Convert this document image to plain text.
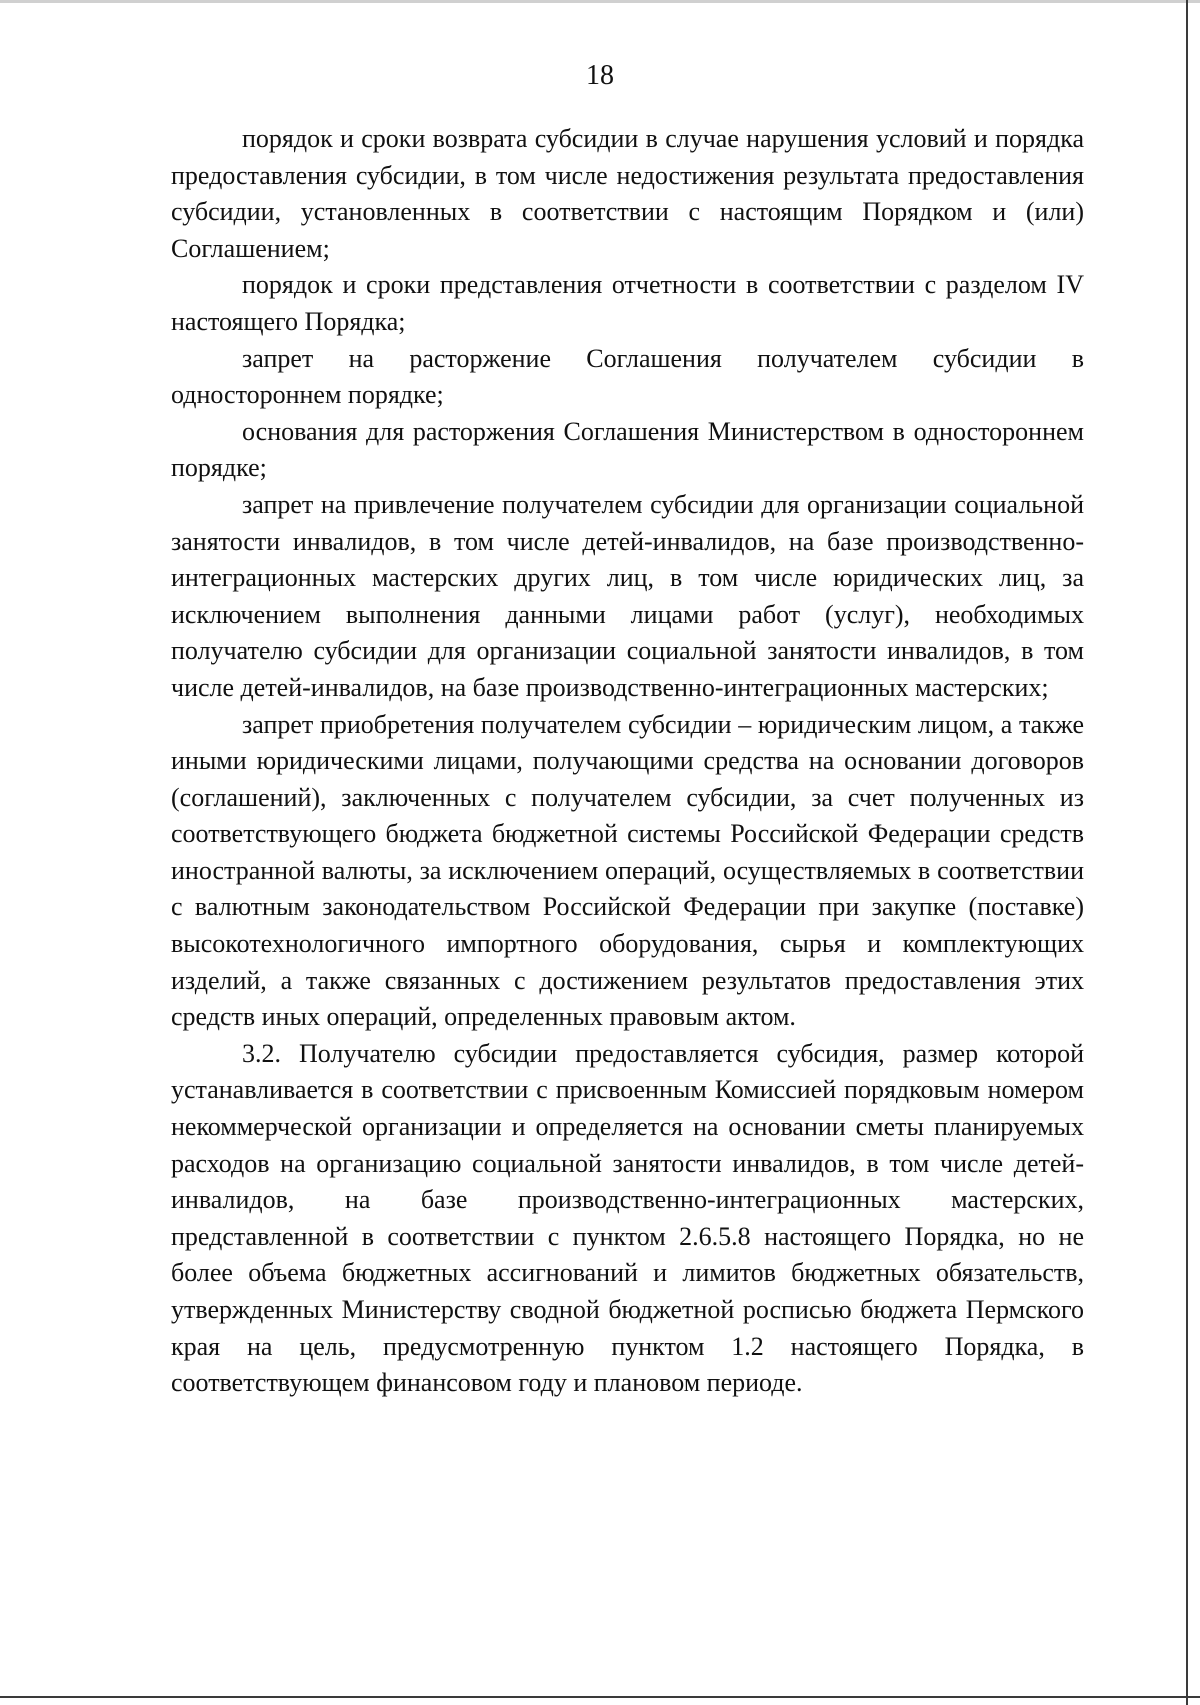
18

порядок и сроки возврата субсидии в случае нарушения условий и порядка предоставления субсидии, в том числе недостижения результата предоставления субсидии, установленных в соответствии с настоящим Порядком и (или) Соглашением;

порядок и сроки представления отчетности в соответствии с разделом IV настоящего Порядка;

запрет на расторжение Соглашения получателем субсидии в одностороннем порядке;

основания для расторжения Соглашения Министерством в одностороннем порядке;

запрет на привлечение получателем субсидии для организации социальной занятости инвалидов, в том числе детей-инвалидов, на базе производственно-интеграционных мастерских других лиц, в том числе юридических лиц, за исключением выполнения данными лицами работ (услуг), необходимых получателю субсидии для организации социальной занятости инвалидов, в том числе детей-инвалидов, на базе производственно-интеграционных мастерских;

запрет приобретения получателем субсидии – юридическим лицом, а также иными юридическими лицами, получающими средства на основании договоров (соглашений), заключенных с получателем субсидии, за счет полученных из соответствующего бюджета бюджетной системы Российской Федерации средств иностранной валюты, за исключением операций, осуществляемых в соответствии с валютным законодательством Российской Федерации при закупке (поставке) высокотехнологичного импортного оборудования, сырья и комплектующих изделий, а также связанных с достижением результатов предоставления этих средств иных операций, определенных правовым актом.

3.2. Получателю субсидии предоставляется субсидия, размер которой устанавливается в соответствии с присвоенным Комиссией порядковым номером некоммерческой организации и определяется на основании сметы планируемых расходов на организацию социальной занятости инвалидов, в том числе детей-инвалидов, на базе производственно-интеграционных мастерских, представленной в соответствии с пунктом 2.6.5.8 настоящего Порядка, но не более объема бюджетных ассигнований и лимитов бюджетных обязательств, утвержденных Министерству сводной бюджетной росписью бюджета Пермского края на цель, предусмотренную пунктом 1.2 настоящего Порядка, в соответствующем финансовом году и плановом периоде.
